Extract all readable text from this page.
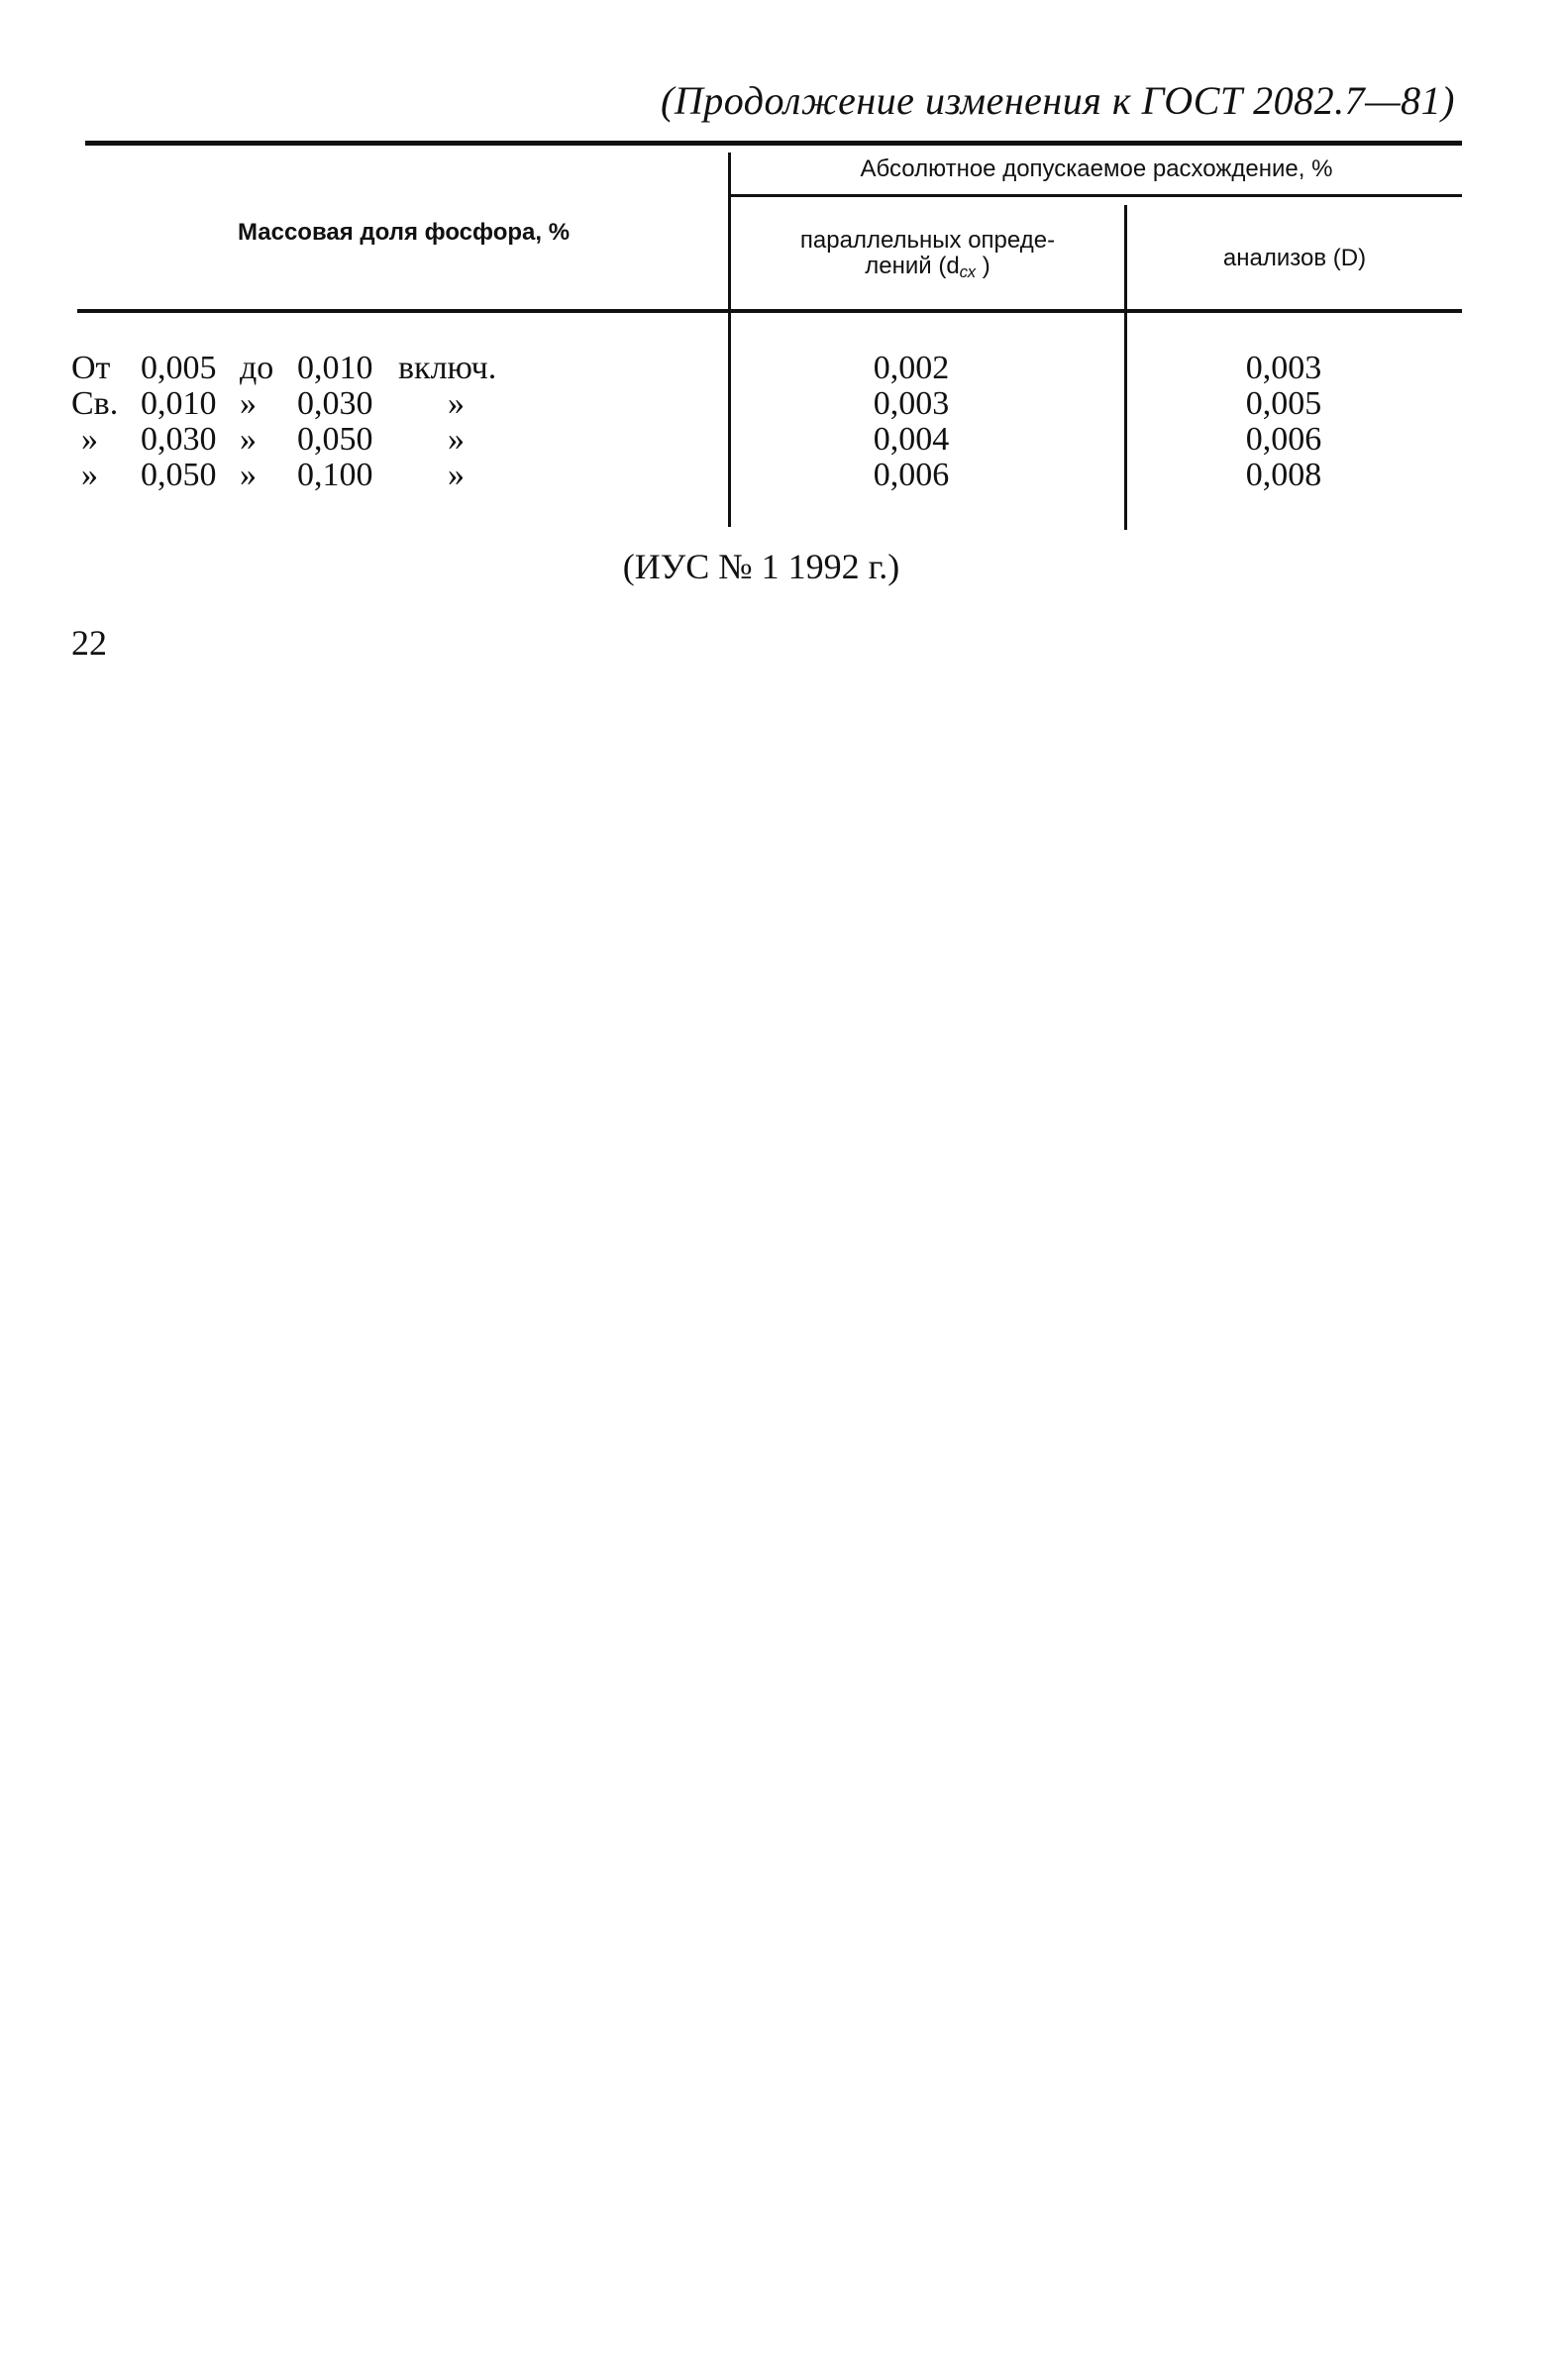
(Продолжение изменения к ГОСТ 2082.7—81)
Массовая доля фосфора, %
Абсолютное допускаемое расхождение, %
параллельных опреде-
лений ($d_{сх}$ )	анализов (D)
От 0,005 до 0,010 включ.	0,002	0,003
Св. 0,010 » 0,030 »	0,003	0,005
» 0,030 » 0,050 »	0,004	0,006
» 0,050 » 0,100 »	0,006	0,008
(ИУС № 1 1992 г.)
22
